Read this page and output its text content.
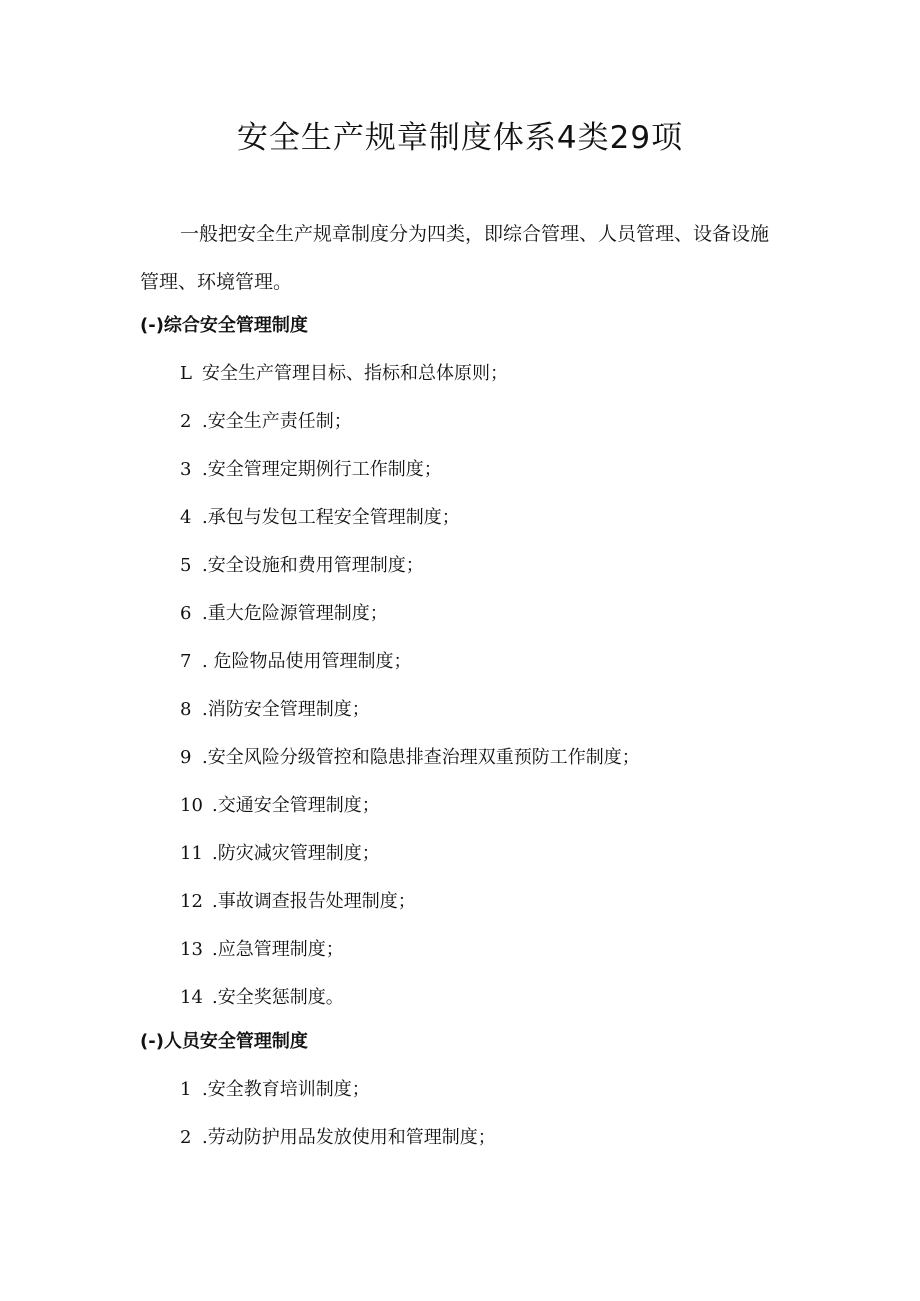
安全生产规章制度体系4类29项

一般把安全生产规章制度分为四类，即综合管理、人员管理、设备设施管理、环境管理。

(-)综合安全管理制度
L 安全生产管理目标、指标和总体原则；
2 .安全生产责任制；
3 .安全管理定期例行工作制度；
4 .承包与发包工程安全管理制度；
5 .安全设施和费用管理制度；
6 .重大危险源管理制度；
7 . 危险物品使用管理制度；
8 .消防安全管理制度；
9 .安全风险分级管控和隐患排查治理双重预防工作制度；
10 .交通安全管理制度；
11 .防灾减灾管理制度；
12 .事故调查报告处理制度；
13 .应急管理制度；
14 .安全奖惩制度。
(-)人员安全管理制度
1 .安全教育培训制度；
2 .劳动防护用品发放使用和管理制度；
